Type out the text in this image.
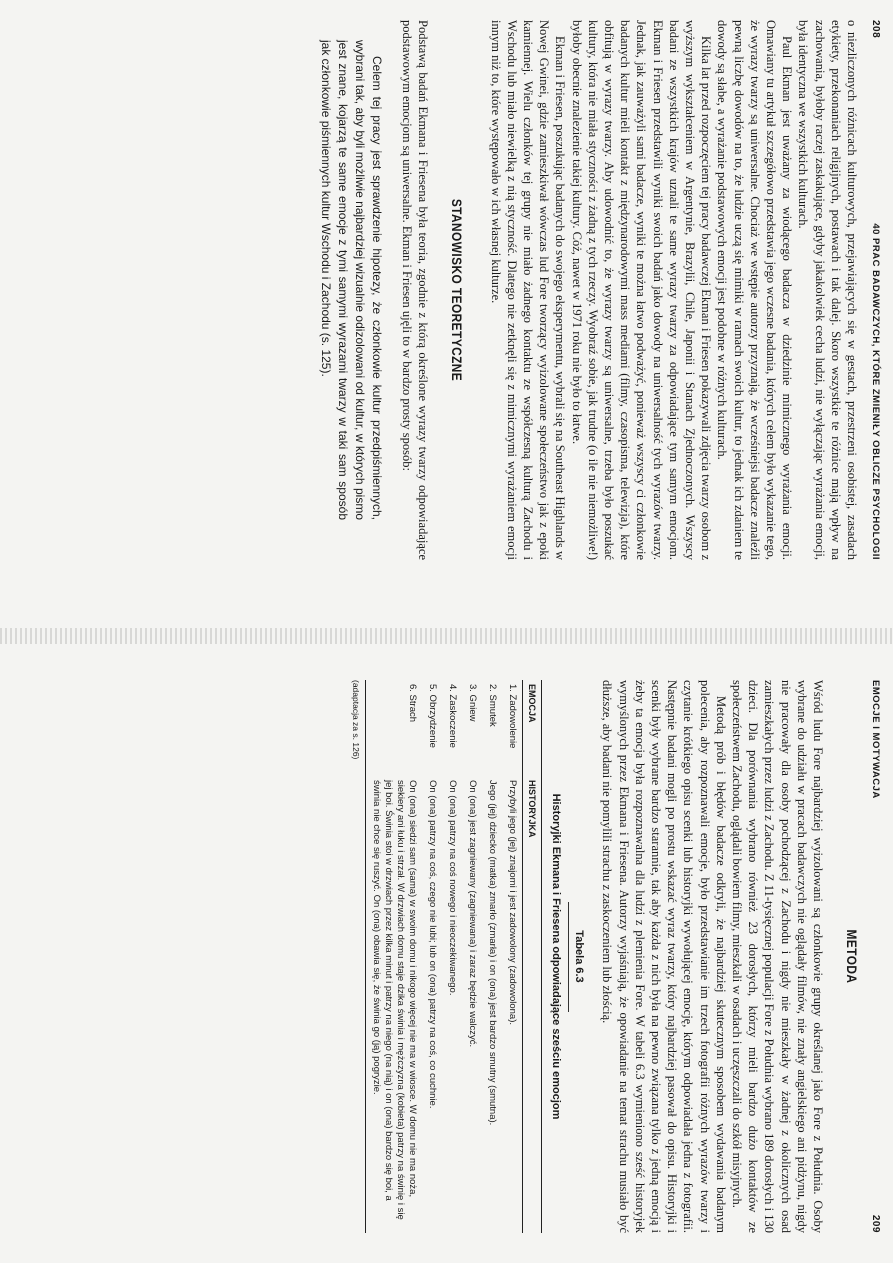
208
40 PRAC BADAWCZYCH, KTÓRE ZMIENIŁY OBLICZE PSYCHOLOGII

o niezliczonych różnicach kulturowych, przejawiających się w gestach, przestrzeni osobistej, zasadach etykiety, przekonaniach religijnych, postawach i tak dalej. Skoro wszystkie te różnice mają wpływ na zachowania, byłoby raczej zaskakujące, gdyby jakakolwiek cecha ludzi, nie wyłączając wyrażania emocji, była identyczna we wszystkich kulturach.

Paul Ekman jest uważany za wiodącego badacza w dziedzinie mimicznego wyrażania emocji. Omawiany tu artykuł szczegółowo przedstawia jego wczesne badania, których celem było wykazanie tego, że wyrazy twarzy są uniwersalne. Chociaż we wstępie autorzy przyznają, że wcześniejsi badacze znaleźli pewną liczbę dowodów na to, że ludzie uczą się mimiki w ramach swoich kultur, to jednak ich zdaniem te dowody są słabe, a wyrażanie podstawowych emocji jest podobne w różnych kulturach.

Kilka lat przed rozpoczęciem tej pracy badawczej Ekman i Friesen pokazywali zdjęcia twarzy osobom z wyższym wykształceniem w Argentynie, Brazylii, Chile, Japonii i Stanach Zjednoczonych. Wszyscy badani ze wszystkich krajów uznali te same wyrazy twarzy za odpowiadające tym samym emocjom. Ekman i Friesen przedstawili wyniki swoich badań jako dowody na uniwersalność tych wyrazów twarzy. Jednak, jak zauważyli sami badacze, wyniki te można łatwo podważyć, ponieważ wszyscy ci członkowie badanych kultur mieli kontakt z międzynarodowymi mass mediami (filmy, czasopisma, telewizja), które obfitują w wyrazy twarzy. Aby udowodnić to, że wyrazy twarzy są uniwersalne, trzeba było poszukać kultury, która nie miała styczności z żadną z tych rzeczy. Wyobraź sobie, jak trudne (o ile nie niemożliwe!) byłoby obecnie znalezienie takiej kultury. Cóż, nawet w 1971 roku nie było to łatwe.

Ekman i Friesen, poszukując badanych do swojego eksperymentu, wybrali się na Southeast Highlands w Nowej Gwinei, gdzie zamieszkiwał wówczas lud Fore tworzący wyizolowane społeczeństwo jak z epoki kamiennej. Wielu członków tej grupy nie miało żadnego kontaktu ze współczesną kulturą Zachodu i Wschodu lub miało niewielką z nią styczność. Dlatego nie zetknęli się z mimicznymi wyrażaniem emocji innym niż to, które występowało w ich własnej kulturze.

STANOWISKO TEORETYCZNE

Podstawą badań Ekmana i Friesena była teoria, zgodnie z którą określone wyrazy twarzy odpowiadające podstawowym emocjom są uniwersalne. Ekman i Friesen ujęli to w bardzo prosty sposób:

Celem tej pracy jest sprawdzenie hipotezy, że członkowie kultur przedpiśmiennych, wybrani tak, aby byli możliwie najbardziej wizualnie odizolowani od kultur, w których pismo jest znane, kojarzą te same emocje z tymi samymi wyrazami twarzy w taki sam sposób jak członkowie piśmiennych kultur Wschodu i Zachodu (s. 125).

EMOCJE I MOTYWACJA
209
METODA

Wśród ludu Fore najbardziej wyizolowani są członkowie grupy określanej jako Fore z Południa. Osoby wybrane do udziału w pracach badawczych nie oglądały filmów, nie znały angielskiego ani pidżynu, nigdy nie pracowały dla osoby pochodzącej z Zachodu i nigdy nie mieszkały w żadnej z okolicznych osad zamieszkałych przez ludzi z Zachodu. Z 11-tysięcznej populacji Fore z Południa wybrano 189 dorosłych i 130 dzieci. Dla porównania wybrano również 23 dorosłych, którzy mieli bardzo dużo kontaktów ze społeczeństwem Zachodu, oglądali bowiem filmy, mieszkali w osadach i uczęszczali do szkół misyjnych.

Metodą prób i błędów badacze odkryli, że najbardziej skutecznym sposobem wydawania badanym polecenia, aby rozpoznawali emocje, było przedstawianie im trzech fotografii różnych wyrazów twarzy i czytanie krótkiego opisu scenki lub historyjki wywołującej emocję, którym odpowiadała jedna z fotografii. Następnie badani mogli po prostu wskazać wyraz twarzy, który najbardziej pasował do opisu. Historyjki i scenki były wybrane bardzo starannie, tak aby każda z nich była na pewno związana tylko z jedną emocją i żeby ta emocja była rozpoznawalna dla ludzi z plemienia Fore. W tabeli 6.3 wymieniono sześć historyjek wymyślonych przez Ekmana i Friesena. Autorzy wyjaśniają, że opowiadanie na temat strachu musiało być dłuższe, aby badani nie pomylili strachu z zaskoczeniem lub złością.

Tabela 6.3
Historyjki Ekmana i Friesena odpowiadające sześciu emocjom
EMOCJA	HISTORYJKA
1. Zadowolenie	Przybyli jego (jej) znajomi i jest zadowolony (zadowolona).
2. Smutek	Jego (jej) dziecko (matka) zmarło (zmarła) i on (ona) jest bardzo smutny (smutna).
3. Gniew	On (ona) jest zagniewany (zagniewana) i zaraz będzie walczyć.
4. Zaskoczenie	On (ona) patrzy na coś nowego i nieoczekiwanego.
5. Obrzydzenie	On (ona) patrzy na coś, czego nie lubi; lub on (ona) patrzy na coś, co cuchnie.
6. Strach	On (ona) siedzi sam (sama) w swoim domu i nikogo więcej nie ma w wiosce. W domu nie ma noża, siekiery ani łuku i strzał. W drzwiach domu staje dzika świnia i mężczyzna (kobieta) patrzy na świnię i się jej boi. Świnia stoi w drzwiach przez kilka minut i patrzy na niego (na nią) i on (ona) bardzo się boi, a świnia nie chce się ruszyć. On (ona) obawia się, że świnia go (ją) pogryzie.
(adaptacja za s. 126)
